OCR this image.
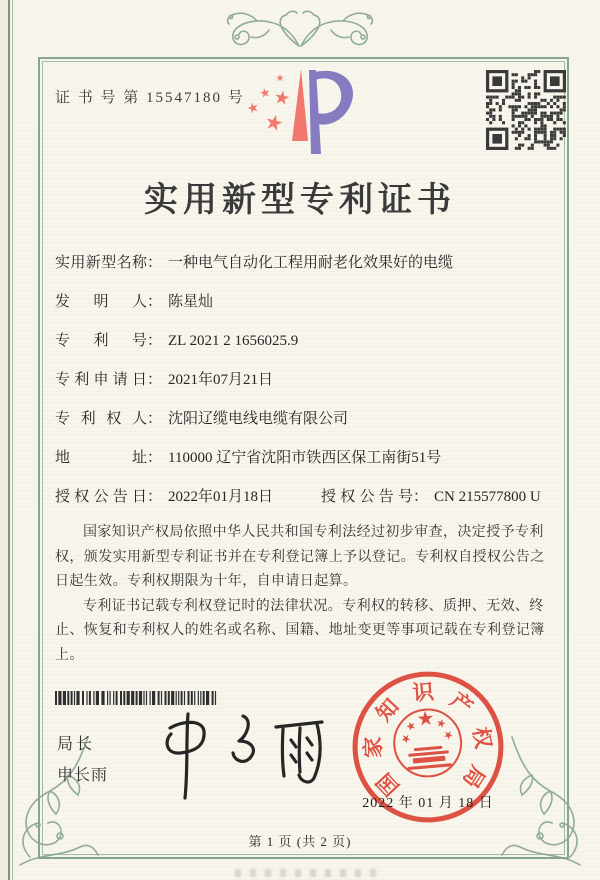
证 书 号 第 15547180 号
实用新型专利证书
实用新型名称： 一种电气自动化工程用耐老化效果好的电缆
发明人： 陈星灿
专利号： ZL 2021 2 1656025.9
专利申请日： 2021年07月21日
专利权人： 沈阳辽缆电线电缆有限公司
地址： 110000 辽宁省沈阳市铁西区保工南街51号
授权公告日： 2022年01月18日	授权公告号： CN 215577800 U

国家知识产权局依照中华人民共和国专利法经过初步审查，决定授予专利权，颁发实用新型专利证书并在专利登记簿上予以登记。专利权自授权公告之日起生效。专利权期限为十年，自申请日起算。

专利证书记载专利权登记时的法律状况。专利权的转移、质押、无效、终止、恢复和专利权人的姓名或名称、国籍、地址变更等事项记载在专利登记簿上。

局长
申长雨	国
家
知
识 产
权
局
2022 年 01 月 18 日
第 1 页 (共 2 页)
